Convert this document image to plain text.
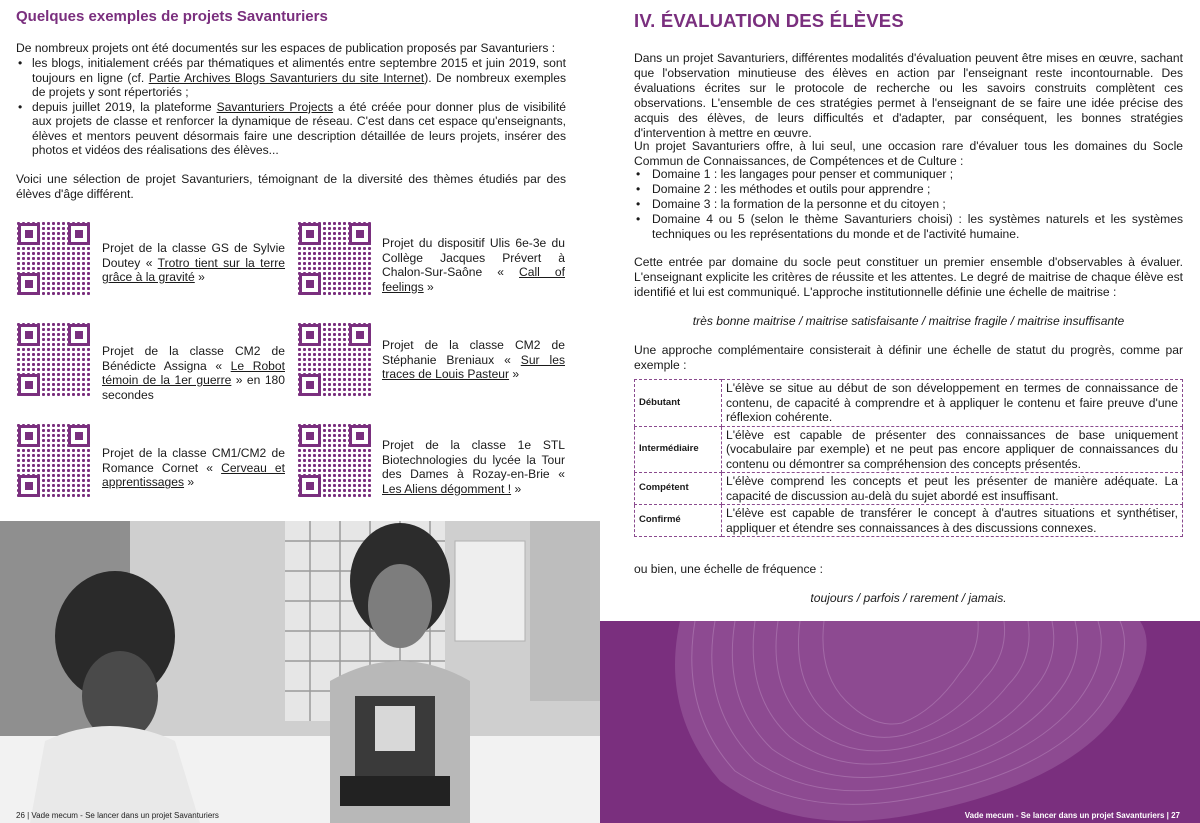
Quelques exemples de projets Savanturiers

De nombreux projets ont été documentés sur les espaces de publication proposés par Savanturiers :

• les blogs, initialement créés par thématiques et alimentés entre septembre 2015 et juin 2019, sont toujours en ligne (cf. Partie Archives Blogs Savanturiers du site Internet). De nombreux exemples de projets y sont répertoriés ;
• depuis juillet 2019, la plateforme Savanturiers Projects a été créée pour donner plus de visibilité aux projets de classe et renforcer la dynamique de réseau. C'est dans cet espace qu'enseignants, élèves et mentors peuvent désormais faire une description détaillée de leurs projets, insérer des photos et vidéos des réalisations des élèves...

Voici une sélection de projet Savanturiers, témoignant de la diversité des thèmes étudiés par des élèves d'âge différent.

Projet de la classe GS de Sylvie Doutey « Trotro tient sur la terre grâce à la gravité »
Projet du dispositif Ulis 6e-3e du Collège Jacques Prévert à Chalon-Sur-Saône « Call of feelings »
Projet de la classe CM2 de Bénédicte Assigna « Le Robot témoin de la 1er guerre » en 180 secondes
Projet de la classe CM2 de Stéphanie Breniaux « Sur les traces de Louis Pasteur »
Projet de la classe CM1/CM2 de Romance Cornet « Cerveau et apprentissages »
Projet de la classe 1e STL Biotechnologies du lycée la Tour des Dames à Rozay-en-Brie « Les Aliens dégomment ! »
26 | Vade mecum - Se lancer dans un projet Savanturiers
IV. ÉVALUATION DES ÉLÈVES

Dans un projet Savanturiers, différentes modalités d'évaluation peuvent être mises en œuvre, sachant que l'observation minutieuse des élèves en action par l'enseignant reste incontournable. Des évaluations écrites sur le protocole de recherche ou les savoirs construits complètent ces observations. L'ensemble de ces stratégies permet à l'enseignant de se faire une idée précise des acquis des élèves, de leurs difficultés et d'adapter, par conséquent, les bonnes stratégies d'intervention à mettre en œuvre.

Un projet Savanturiers offre, à lui seul, une occasion rare d'évaluer tous les domaines du Socle Commun de Connaissances, de Compétences et de Culture :

• Domaine 1 : les langages pour penser et communiquer ;
• Domaine 2 : les méthodes et outils pour apprendre ;
• Domaine 3 : la formation de la personne et du citoyen ;
• Domaine 4 ou 5 (selon le thème Savanturiers choisi) : les systèmes naturels et les systèmes techniques ou les représentations du monde et de l'activité humaine.

Cette entrée par domaine du socle peut constituer un premier ensemble d'observables à évaluer. L'enseignant explicite les critères de réussite et les attentes. Le degré de maitrise de chaque élève est identifié et lui est communiqué. L'approche institutionnelle définie une échelle de maitrise :

très bonne maitrise / maitrise satisfaisante / maitrise fragile / maitrise insuffisante

Une approche complémentaire consisterait à définir une échelle de statut du progrès, comme par exemple :

Débutant	L'élève se situe au début de son développement en termes de connaissance de contenu, de capacité à comprendre et à appliquer le contenu et faire preuve d'une réflexion cohérente.
Intermédiaire	L'élève est capable de présenter des connaissances de base uniquement (vocabulaire par exemple) et ne peut pas encore appliquer de connaissances du contenu ou démontrer sa compréhension des concepts présentés.
Compétent	L'élève comprend les concepts et peut les présenter de manière adéquate. La capacité de discussion au-delà du sujet abordé est insuffisant.
Confirmé	L'élève est capable de transférer le concept à d'autres situations et synthétiser, appliquer et étendre ses connaissances à des discussions connexes.

ou bien, une échelle de fréquence :

toujours / parfois / rarement / jamais.
Vade mecum - Se lancer dans un projet Savanturiers | 27
